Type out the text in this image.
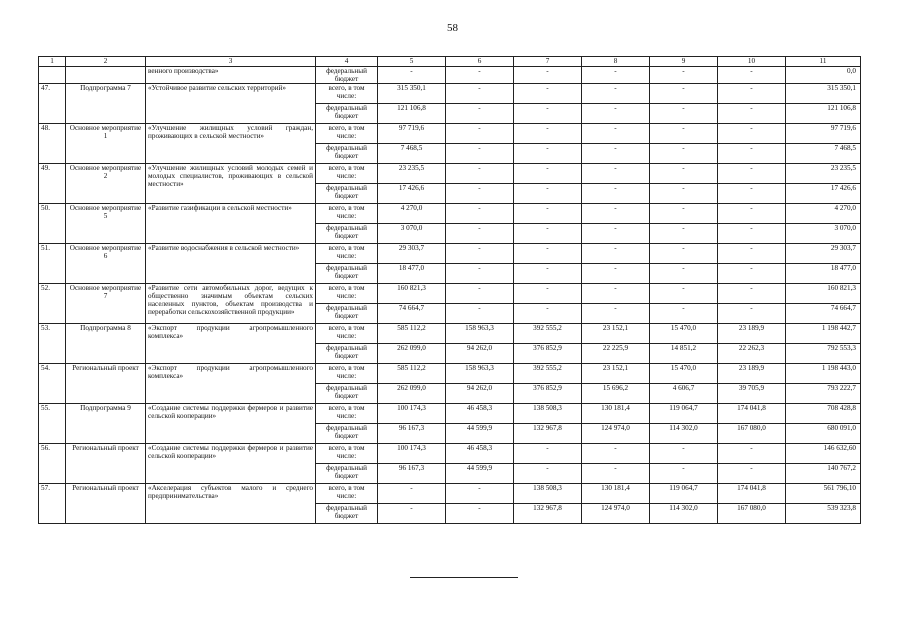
58
1	2	3	4	5	6	7	8	9	10	11
		венного производства»	федеральный бюджет	-	-	-	-	-	-	0,0
47.	Подпрограмма 7	«Устойчивое развитие сельских территорий»	всего, в том числе:	315 350,1	-	-	-	-	-	315 350,1
			федеральный бюджет	121 106,8	-	-	-	-	-	121 106,8
48.	Основное мероприятие 1	«Улучшение жилищных условий граждан, проживающих в сельской местности»	всего, в том числе:	97 719,6	-	-	-	-	-	97 719,6
			федеральный бюджет	7 468,5	-	-	-	-	-	7 468,5
49.	Основное мероприятие 2	«Улучшение жилищных условий молодых семей и молодых специалистов, проживающих в сельской местности»	всего, в том числе:	23 235,5	-	-	-	-	-	23 235,5
			федеральный бюджет	17 426,6	-	-	-	-	-	17 426,6
50.	Основное мероприятие 5	«Развитие газификации в сельской местности»	всего, в том числе:	4 270,0	-	-	-	-	-	4 270,0
			федеральный бюджет	3 070,0	-	-	-	-	-	3 070,0
51.	Основное мероприятие 6	«Развитие водоснабжения в сельской местности»	всего, в том числе:	29 303,7	-	-	-	-	-	29 303,7
			федеральный бюджет	18 477,0	-	-	-	-	-	18 477,0
52.	Основное мероприятие 7	«Развитие сети автомобильных дорог, ведущих к общественно значимым объектам сельских населенных пунктов, объектам производства и переработки сельскохозяйственной продукции»	всего, в том числе:	160 821,3	-	-	-	-	-	160 821,3
			федеральный бюджет	74 664,7	-	-	-	-	-	74 664,7
53.	Подпрограмма 8	«Экспорт продукции агропромышленного комплекса»	всего, в том числе:	585 112,2	158 963,3	392 555,2	23 152,1	15 470,0	23 189,9	1 198 442,7
			федеральный бюджет	262 099,0	94 262,0	376 852,9	22 225,9	14 851,2	22 262,3	792 553,3
54.	Региональный проект	«Экспорт продукции агропромышленного комплекса»	всего, в том числе:	585 112,2	158 963,3	392 555,2	23 152,1	15 470,0	23 189,9	1 198 443,0
			федеральный бюджет	262 099,0	94 262,0	376 852,9	15 696,2	4 606,7	39 705,9	793 222,7
55.	Подпрограмма 9	«Создание системы поддержки фермеров и развитие сельской кооперации»	всего, в том числе:	100 174,3	46 458,3	138 508,3	130 181,4	119 064,7	174 041,8	708 428,8
			федеральный бюджет	96 167,3	44 599,9	132 967,8	124 974,0	114 302,0	167 080,0	680 091,0
56.	Региональный проект	«Создание системы поддержки фермеров и развитие сельской кооперации»	всего, в том числе:	100 174,3	46 458,3	-	-	-	-	146 632,60
			федеральный бюджет	96 167,3	44 599,9	-	-	-	-	140 767,2
57.	Региональный проект	«Акселерация субъектов малого и среднего предпринимательства»	всего, в том числе:	-	-	138 508,3	130 181,4	119 064,7	174 041,8	561 796,10
			федеральный бюджет	-	-	132 967,8	124 974,0	114 302,0	167 080,0	539 323,8
